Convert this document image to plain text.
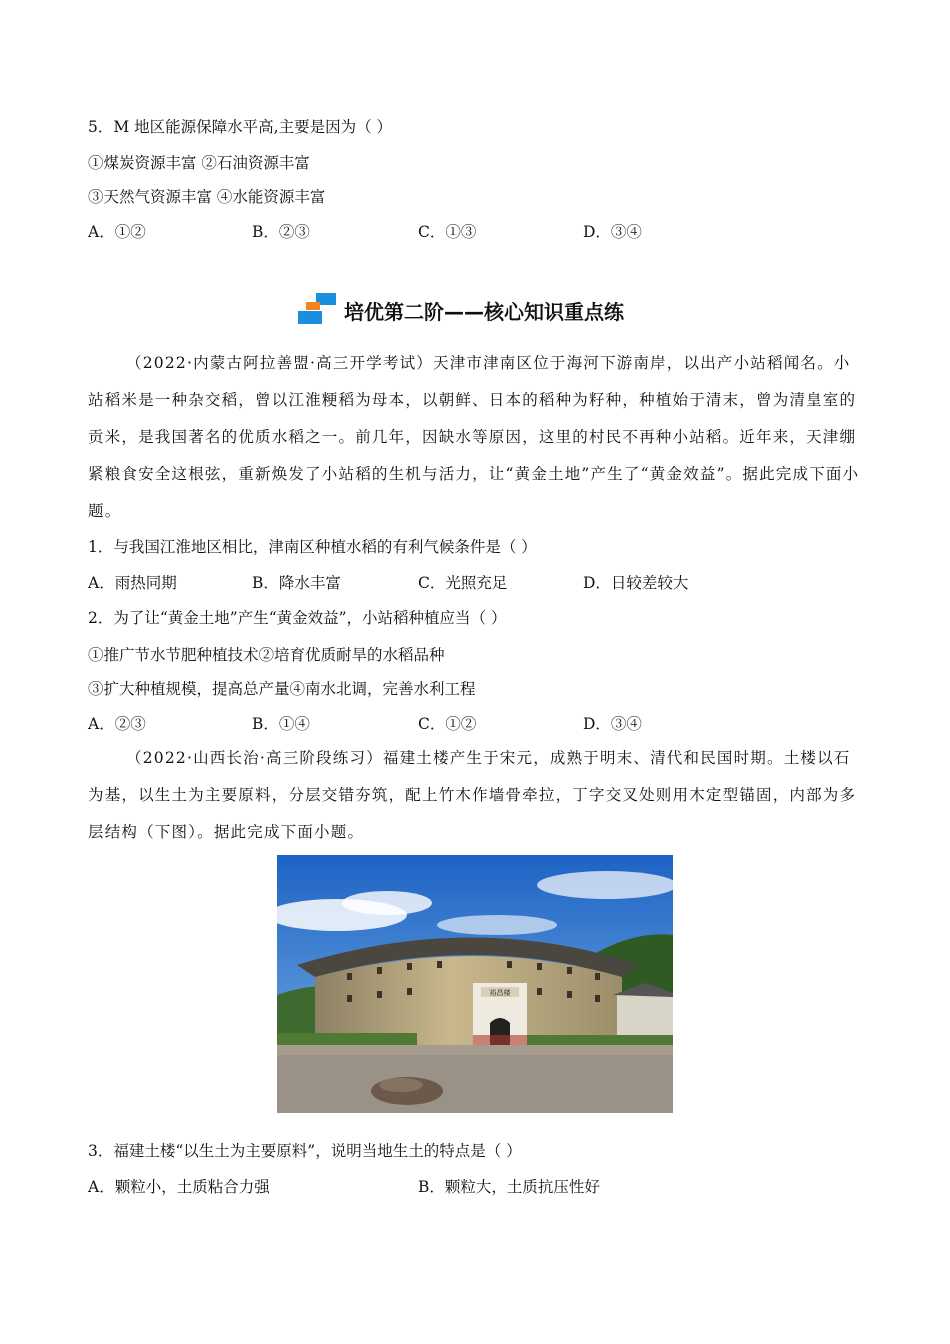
5．M 地区能源保障水平高,主要是因为（ ）
①煤炭资源丰富 ②石油资源丰富
③天然气资源丰富 ④水能资源丰富
A．①②	B．②③	C．①③	D．③④
培优第二阶——核心知识重点练
（2022·内蒙古阿拉善盟·高三开学考试）天津市津南区位于海河下游南岸，以出产小站稻闻名。小站稻米是一种杂交稻，曾以江淮粳稻为母本，以朝鲜、日本的稻种为籽种，种植始于清末，曾为清皇室的贡米，是我国著名的优质水稻之一。前几年，因缺水等原因，这里的村民不再种小站稻。近年来，天津绷紧粮食安全这根弦，重新焕发了小站稻的生机与活力，让“黄金土地”产生了“黄金效益”。据此完成下面小题。
1．与我国江淮地区相比，津南区种植水稻的有利气候条件是（ ）
A．雨热同期	B．降水丰富	C．光照充足	D．日较差较大
2．为了让“黄金土地”产生“黄金效益”，小站稻种植应当（ ）
①推广节水节肥种植技术②培育优质耐旱的水稻品种
③扩大种植规模，提高总产量④南水北调，完善水利工程
A．②③	B．①④	C．①②	D．③④
（2022·山西长治·高三阶段练习）福建土楼产生于宋元，成熟于明末、清代和民国时期。土楼以石为基，以生土为主要原料，分层交错夯筑，配上竹木作墙骨牵拉，丁字交叉处则用木定型锚固，内部为多层结构（下图）。据此完成下面小题。
裕昌楼
3．福建土楼“以生土为主要原料”，说明当地生土的特点是（ ）
A．颗粒小，土质粘合力强	B．颗粒大，土质抗压性好
